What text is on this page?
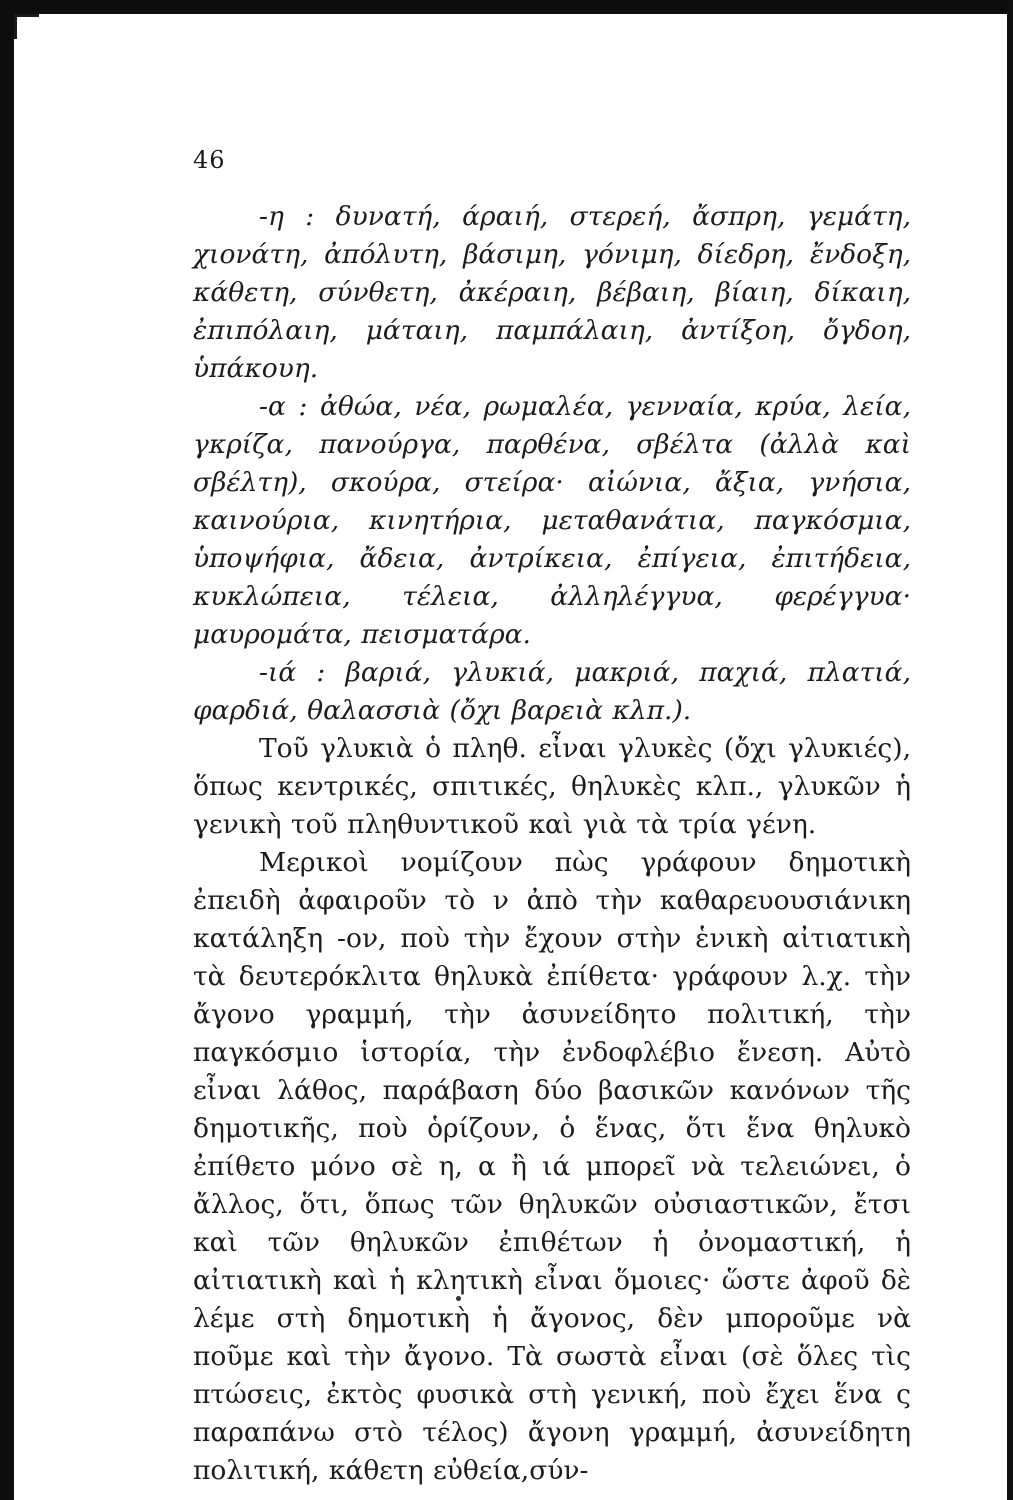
46

-η : δυνατή, άραιή, στερεή, ἄσπρη, γεμάτη, χιονάτη, ἀπόλυτη, βάσιμη, γόνιμη, δίεδρη, ἔνδοξη, κάθετη, σύνθετη, ἀκέραιη, βέβαιη, βίαιη, δίκαιη, ἐπιπόλαιη, μάταιη, παμπάλαιη, ἀντίξοη, ὄγδοη, ὑπάκουη.

-α : ἀθώα, νέα, ρωμαλέα, γενναία, κρύα, λεία, γκρίζα, πανούργα, παρθένα, σβέλτα (ἀλλὰ καὶ σβέλτη), σκούρα, στείρα· αἰώνια, ἄξια, γνήσια, καινούρια, κινητήρια, μεταθανάτια, παγκόσμια, ὑποψήφια, ἄδεια, ἀντρίκεια, ἐπίγεια, ἐπιτήδεια, κυκλώπεια, τέλεια, ἀλληλέγγυα, φερέγγυα· μαυρομάτα, πεισματάρα.

-ιά : βαριά, γλυκιά, μακριά, παχιά, πλατιά, φαρδιά, θαλασσιὰ (ὄχι βαρειὰ κλπ.).

Τοῦ γλυκιὰ ὁ πληθ. εἶναι γλυκὲς (ὄχι γλυκιές), ὅπως κεντρικές, σπιτικές, θηλυκὲς κλπ., γλυκῶν ἡ γενικὴ τοῦ πληθυντικοῦ καὶ γιὰ τὰ τρία γένη.

Μερικοὶ νομίζουν πὼς γράφουν δημοτικὴ ἐπειδὴ ἀφαιροῦν τὸ ν ἀπὸ τὴν καθαρευουσιάνικη κατάληξη -ον, ποὺ τὴν ἔχουν στὴν ἑνικὴ αἰτιατικὴ τὰ δευτερόκλιτα θηλυκὰ ἐπίθετα· γράφουν λ.χ. τὴν ἄγονο γραμμή, τὴν ἀσυνείδητο πολιτική, τὴν παγκόσμιο ἱστορία, τὴν ἐνδοφλέβιο ἔνεση. Αὐτὸ εἶναι λάθος, παράβαση δύο βασικῶν κανόνων τῆς δημοτικῆς, ποὺ ὁρίζουν, ὁ ἕνας, ὅτι ἕνα θηλυκὸ ἐπίθετο μόνο σὲ η, α ἢ ιά μπορεῖ νὰ τελειώνει, ὁ ἄλλος, ὅτι, ὅπως τῶν θηλυκῶν οὐσιαστικῶν, ἔτσι καὶ τῶν θηλυκῶν ἐπιθέτων ἡ ὀνομαστική, ἡ αἰτιατικὴ καὶ ἡ κλητικὴ εἶναι ὅμοιες· ὥστε ἀφοῦ δὲ λέμε στὴ δημοτικὴ ἡ ἄγονος, δὲν μποροῦμε νὰ ποῦμε καὶ τὴν ἄγονο. Τὰ σωστὰ εἶναι (σὲ ὅλες τὶς πτώσεις, ἐκτὸς φυσικὰ στὴ γενική, ποὺ ἔχει ἕνα ς παραπάνω στὸ τέλος) ἄγονη γραμμή, ἀσυνείδητη πολιτική, κάθετη εὐθεία,σύν-
